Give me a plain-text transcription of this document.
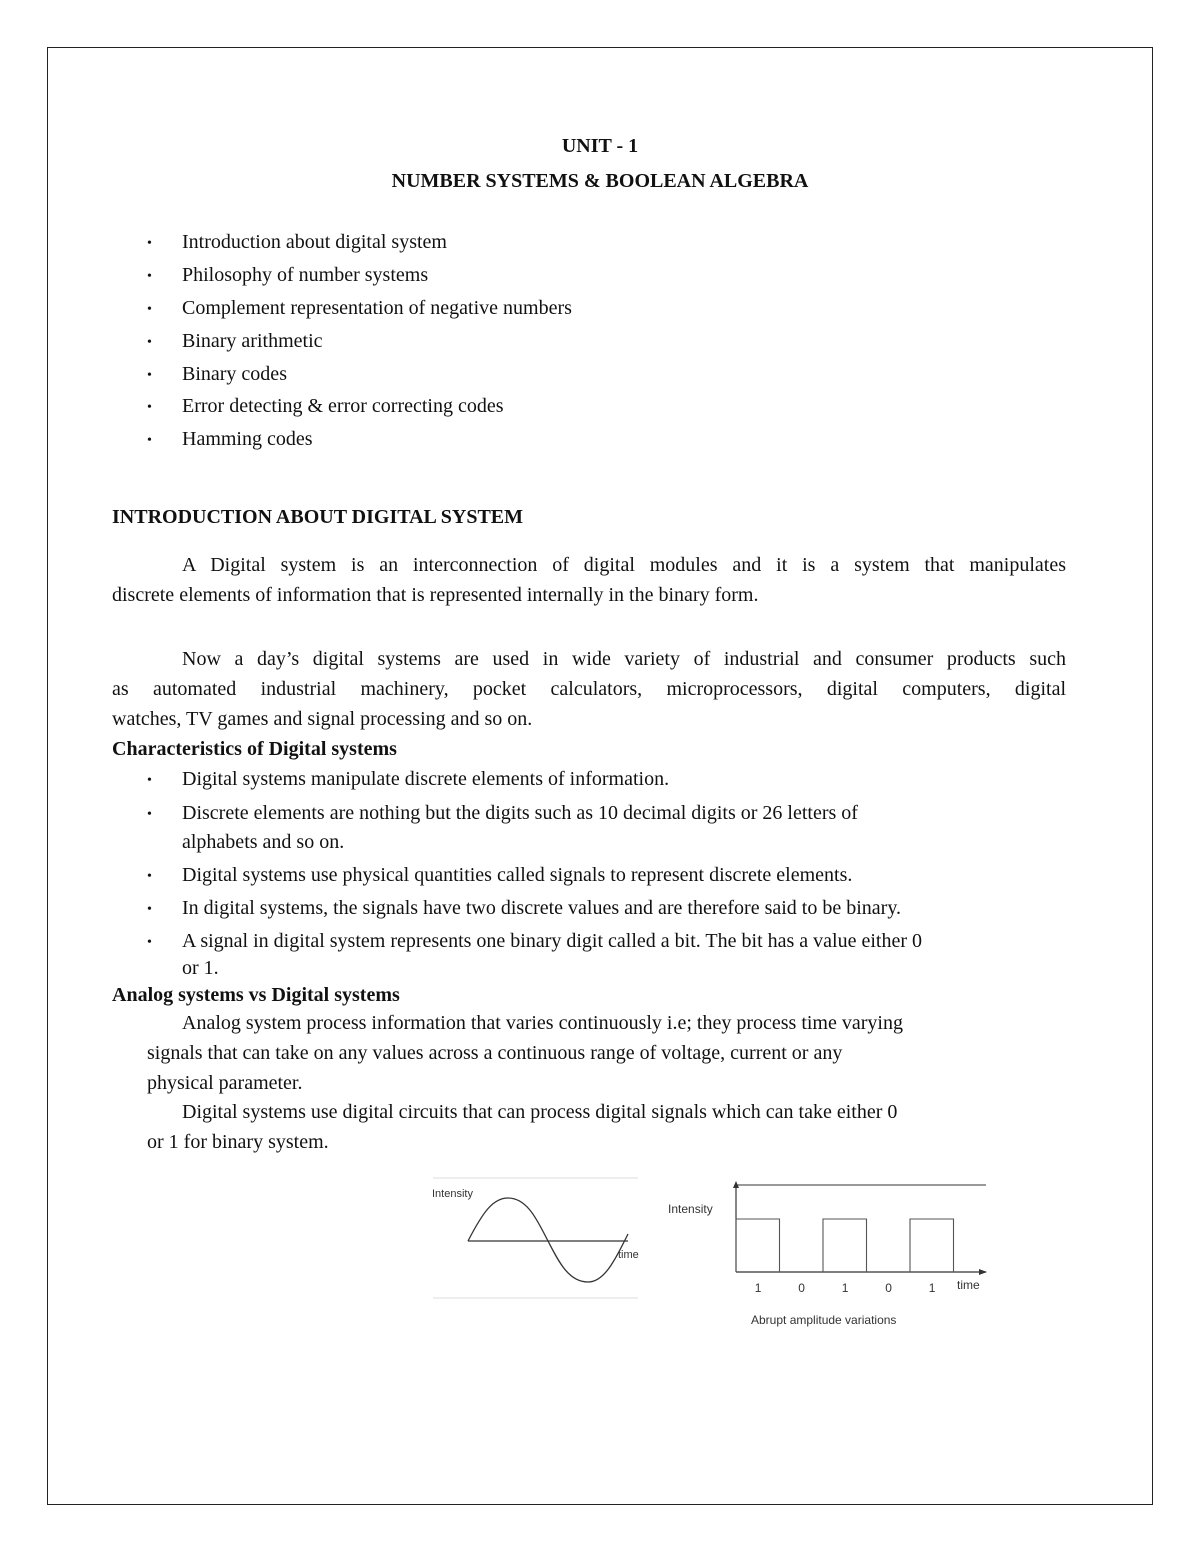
UNIT - 1
NUMBER SYSTEMS & BOOLEAN ALGEBRA
• Introduction about digital system
• Philosophy of number systems
• Complement representation of negative numbers
• Binary arithmetic
• Binary codes
• Error detecting & error correcting codes
• Hamming codes
INTRODUCTION ABOUT DIGITAL SYSTEM
A Digital system is an interconnection of digital modules and it is a system that manipulates
discrete elements of information that is represented internally in the binary form.
Now a day’s digital systems are used in wide variety of industrial and consumer products such
as automated industrial machinery, pocket calculators, microprocessors, digital computers, digital
watches, TV games and signal processing and so on.
Characteristics of Digital systems
• Digital systems manipulate discrete elements of information.
• Discrete elements are nothing but the digits such as 10 decimal digits or 26 letters of
alphabets and so on.
• Digital systems use physical quantities called signals to represent discrete elements.
• In digital systems, the signals have two discrete values and are therefore said to be binary.
• A signal in digital system represents one binary digit called a bit. The bit has a value either 0
or 1.
Analog systems vs Digital systems
Analog system process information that varies continuously i.e; they process time varying
signals that can take on any values across a continuous range of voltage, current or any
physical parameter.
Digital systems use digital circuits that can process digital signals which can take either 0
or 1 for binary system.
Intensity
time
Intensity
1	0	1	0	1 time
Abrupt amplitude variations
